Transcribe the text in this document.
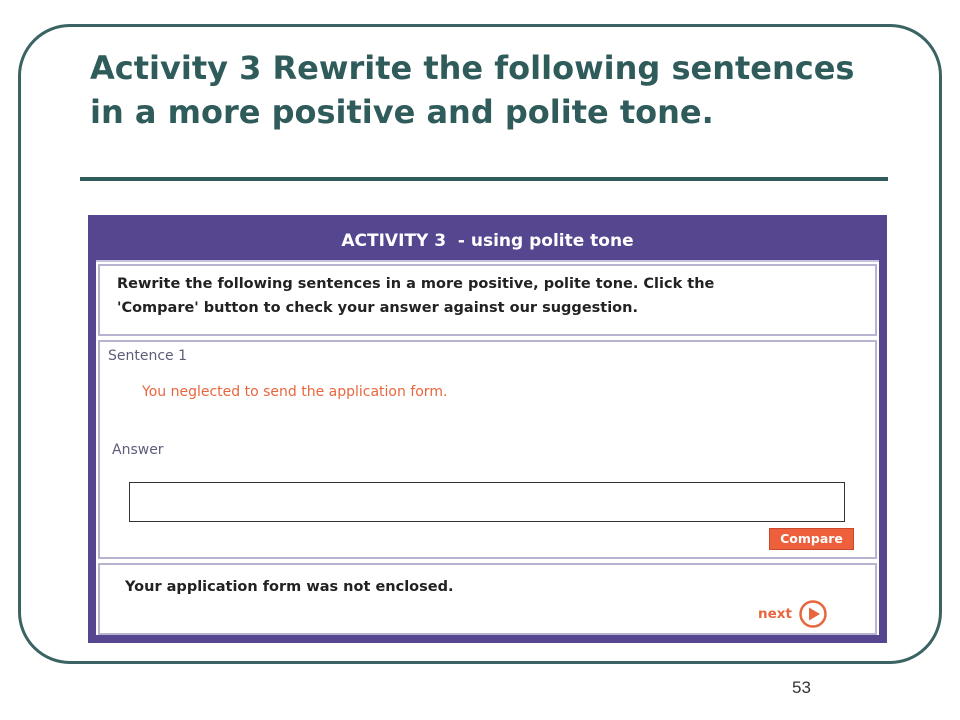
Activity 3 Rewrite the following sentences in a more positive and polite tone.
ACTIVITY 3  - using polite tone
Rewrite the following sentences in a more positive, polite tone. Click the 'Compare' button to check your answer against our suggestion.
Sentence 1
You neglected to send the application form.
Answer
Compare
Your application form was not enclosed.
next
53
